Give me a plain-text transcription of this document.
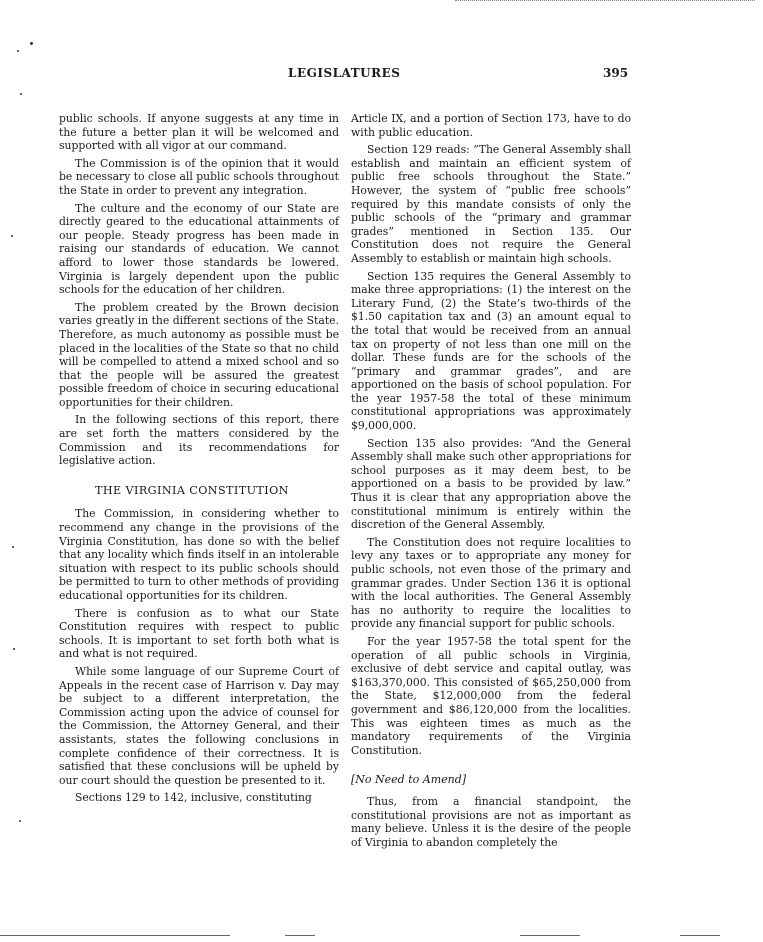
LEGISLATURES	395

public schools. If anyone suggests at any time in the future a better plan it will be welcomed and supported with all vigor at our command.

The Commission is of the opinion that it would be necessary to close all public schools throughout the State in order to prevent any integration.

The culture and the economy of our State are directly geared to the educational attainments of our people. Steady progress has been made in raising our standards of education. We cannot afford to lower those standards be lowered. Virginia is largely dependent upon the public schools for the education of her children.

The problem created by the Brown decision varies greatly in the different sections of the State. Therefore, as much autonomy as possible must be placed in the localities of the State so that no child will be compelled to attend a mixed school and so that the people will be assured the greatest possible freedom of choice in securing educational opportunities for their children.

In the following sections of this report, there are set forth the matters considered by the Commission and its recommendations for legislative action.

THE VIRGINIA CONSTITUTION

The Commission, in considering whether to recommend any change in the provisions of the Virginia Constitution, has done so with the belief that any locality which finds itself in an intolerable situation with respect to its public schools should be permitted to turn to other methods of providing educational opportunities for its children.

There is confusion as to what our State Constitution requires with respect to public schools. It is important to set forth both what is and what is not required.

While some language of our Supreme Court of Appeals in the recent case of Harrison v. Day may be subject to a different interpretation, the Commission acting upon the advice of counsel for the Commission, the Attorney General, and their assistants, states the following conclusions in complete confidence of their correctness. It is satisfied that these conclusions will be upheld by our court should the question be presented to it.

Sections 129 to 142, inclusive, constituting

Article IX, and a portion of Section 173, have to do with public education.

Section 129 reads: “The General Assembly shall establish and maintain an efficient system of public free schools throughout the State.” However, the system of “public free schools” required by this mandate consists of only the public schools of the “primary and grammar grades” mentioned in Section 135. Our Constitution does not require the General Assembly to establish or maintain high schools.

Section 135 requires the General Assembly to make three appropriations: (1) the interest on the Literary Fund, (2) the State’s two-thirds of the $1.50 capitation tax and (3) an amount equal to the total that would be received from an annual tax on property of not less than one mill on the dollar. These funds are for the schools of the “primary and grammar grades”, and are apportioned on the basis of school population. For the year 1957-58 the total of these minimum constitutional appropriations was approximately $9,000,000.

Section 135 also provides: “And the General Assembly shall make such other appropriations for school purposes as it may deem best, to be apportioned on a basis to be provided by law.” Thus it is clear that any appropriation above the constitutional minimum is entirely within the discretion of the General Assembly.

The Constitution does not require localities to levy any taxes or to appropriate any money for public schools, not even those of the primary and grammar grades. Under Section 136 it is optional with the local authorities. The General Assembly has no authority to require the localities to provide any financial support for public schools.

For the year 1957-58 the total spent for the operation of all public schools in Virginia, exclusive of debt service and capital outlay, was $163,370,000. This consisted of $65,250,000 from the State, $12,000,000 from the federal government and $86,120,000 from the localities. This was eighteen times as much as the mandatory requirements of the Virginia Constitution.

[No Need to Amend]

Thus, from a financial standpoint, the constitutional provisions are not as important as many believe. Unless it is the desire of the people of Virginia to abandon completely the
